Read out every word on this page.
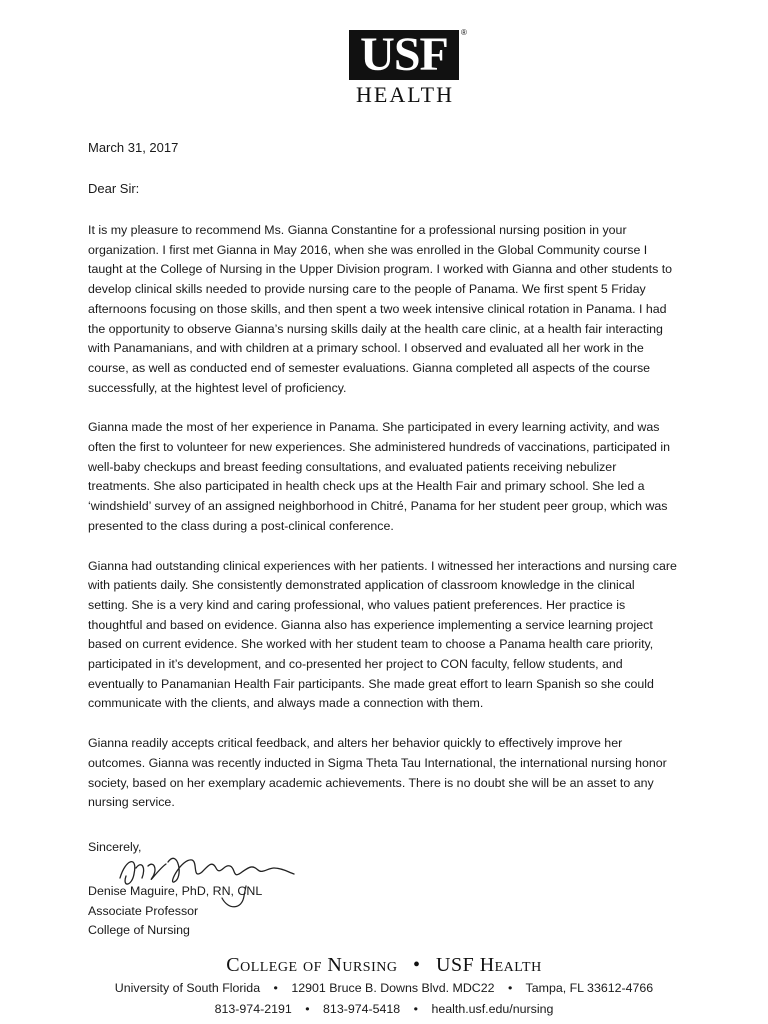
USF	®
HEALTH
March 31, 2017
Dear Sir:

It is my pleasure to recommend Ms. Gianna Constantine for a professional nursing position in your organization. I first met Gianna in May 2016, when she was enrolled in the Global Community course I taught at the College of Nursing in the Upper Division program. I worked with Gianna and other students to develop clinical skills needed to provide nursing care to the people of Panama. We first spent 5 Friday afternoons focusing on those skills, and then spent a two week intensive clinical rotation in Panama. I had the opportunity to observe Gianna’s nursing skills daily at the health care clinic, at a health fair interacting with Panamanians, and with children at a primary school. I observed and evaluated all her work in the course, as well as conducted end of semester evaluations. Gianna completed all aspects of the course successfully, at the hightest level of proficiency.

Gianna made the most of her experience in Panama. She participated in every learning activity, and was often the first to volunteer for new experiences. She administered hundreds of vaccinations, participated in well-baby checkups and breast feeding consultations, and evaluated patients receiving nebulizer treatments. She also participated in health check ups at the Health Fair and primary school. She led a ‘windshield’ survey of an assigned neighborhood in Chitré, Panama for her student peer group, which was presented to the class during a post-clinical conference.

Gianna had outstanding clinical experiences with her patients. I witnessed her interactions and nursing care with patients daily. She consistently demonstrated application of classroom knowledge in the clinical setting. She is a very kind and caring professional, who values patient preferences. Her practice is thoughtful and based on evidence. Gianna also has experience implementing a service learning project based on current evidence. She worked with her student team to choose a Panama health care priority, participated in it’s development, and co-presented her project to CON faculty, fellow students, and eventually to Panamanian Health Fair participants. She made great effort to learn Spanish so she could communicate with the clients, and always made a connection with them.

Gianna readily accepts critical feedback, and alters her behavior quickly to effectively improve her outcomes. Gianna was recently inducted in Sigma Theta Tau International, the international nursing honor society, based on her exemplary academic achievements. There is no doubt she will be an asset to any nursing service.

Sincerely,
Denise Maguire, PhD, RN, CNL
Associate Professor
College of Nursing
College of Nursing • USF Health
University of South Florida • 12901 Bruce B. Downs Blvd. MDC22 • Tampa, FL 33612-4766
813-974-2191 • 813-974-5418 • health.usf.edu/nursing
